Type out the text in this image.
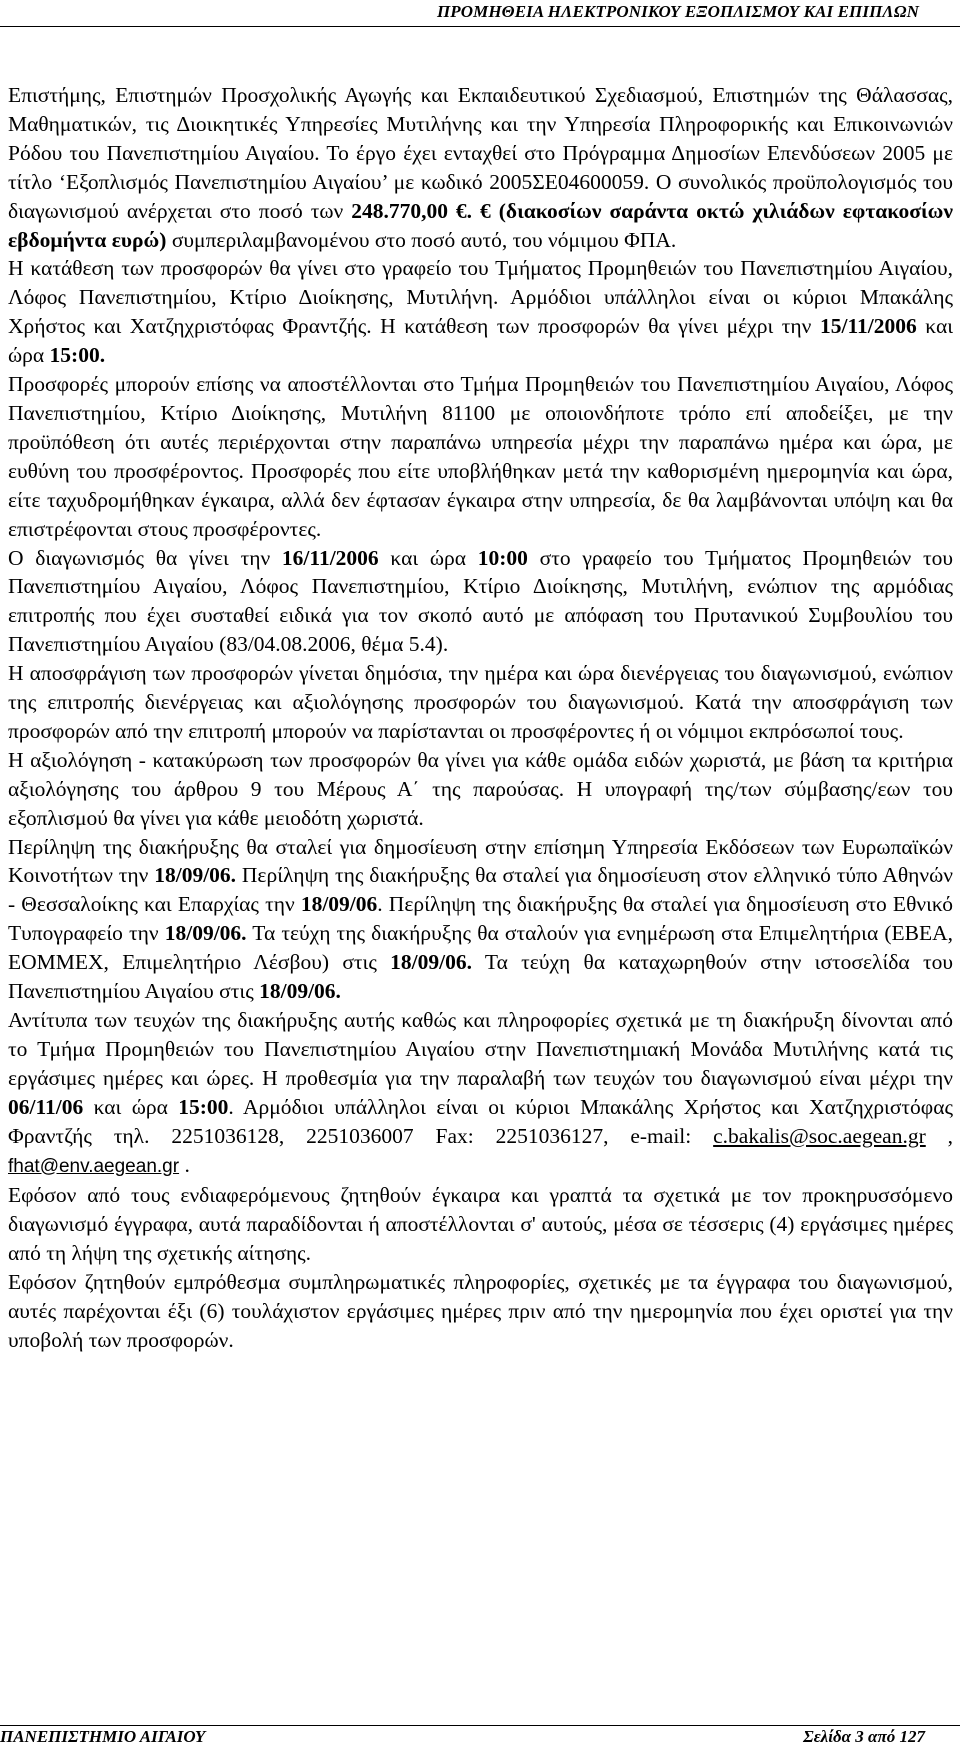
ΠΡΟΜΗΘΕΙΑ ΗΛΕΚΤΡΟΝΙΚΟΥ ΕΞΟΠΛΙΣΜΟΥ ΚΑΙ ΕΠΙΠΛΩΝ

Επιστήμης, Επιστημών Προσχολικής Αγωγής και Εκπαιδευτικού Σχεδιασμού, Επιστημών της Θάλασσας, Μαθηματικών, τις Διοικητικές Υπηρεσίες Μυτιλήνης και την Υπηρεσία Πληροφορικής και Επικοινωνιών Ρόδου του Πανεπιστημίου Αιγαίου. Το έργο έχει ενταχθεί στο Πρόγραμμα Δημοσίων Επενδύσεων 2005 με τίτλο ‘Εξοπλισμός Πανεπιστημίου Αιγαίου’ με κωδικό 2005ΣΕ04600059. Ο συνολικός προϋπολογισμός του διαγωνισμού ανέρχεται στο ποσό των 248.770,00 €. € (διακοσίων σαράντα οκτώ χιλιάδων εφτακοσίων εβδομήντα ευρώ) συμπεριλαμβανομένου στο ποσό αυτό, του νόμιμου ΦΠΑ.

Η κατάθεση των προσφορών θα γίνει στο γραφείο του Τμήματος Προμηθειών του Πανεπιστημίου Αιγαίου, Λόφος Πανεπιστημίου, Κτίριο Διοίκησης, Μυτιλήνη. Αρμόδιοι υπάλληλοι είναι οι κύριοι Μπακάλης Χρήστος και Χατζηχριστόφας Φραντζής. Η κατάθεση των προσφορών θα γίνει μέχρι την 15/11/2006 και ώρα 15:00.

Προσφορές μπορούν επίσης να αποστέλλονται στο Τμήμα Προμηθειών του Πανεπιστημίου Αιγαίου, Λόφος Πανεπιστημίου, Κτίριο Διοίκησης, Μυτιλήνη 81100 με οποιονδήποτε τρόπο επί αποδείξει, με την προϋπόθεση ότι αυτές περιέρχονται στην παραπάνω υπηρεσία μέχρι την παραπάνω ημέρα και ώρα, με ευθύνη του προσφέροντος. Προσφορές που είτε υποβλήθηκαν μετά την καθορισμένη ημερομηνία και ώρα, είτε ταχυδρομήθηκαν έγκαιρα, αλλά δεν έφτασαν έγκαιρα στην υπηρεσία, δε θα λαμβάνονται υπόψη και θα επιστρέφονται στους προσφέροντες.

Ο διαγωνισμός θα γίνει την 16/11/2006 και ώρα 10:00 στο γραφείο του Τμήματος Προμηθειών του Πανεπιστημίου Αιγαίου, Λόφος Πανεπιστημίου, Κτίριο Διοίκησης, Μυτιλήνη, ενώπιον της αρμόδιας επιτροπής που έχει συσταθεί ειδικά για τον σκοπό αυτό με απόφαση του Πρυτανικού Συμβουλίου του Πανεπιστημίου Αιγαίου (83/04.08.2006, θέμα 5.4).

Η αποσφράγιση των προσφορών γίνεται δημόσια, την ημέρα και ώρα διενέργειας του διαγωνισμού, ενώπιον της επιτροπής διενέργειας και αξιολόγησης προσφορών του διαγωνισμού. Κατά την αποσφράγιση των προσφορών από την επιτροπή μπορούν να παρίστανται οι προσφέροντες ή οι νόμιμοι εκπρόσωποί τους.

Η αξιολόγηση - κατακύρωση των προσφορών θα γίνει για κάθε ομάδα ειδών χωριστά, με βάση τα κριτήρια αξιολόγησης του άρθρου 9 του Μέρους Α΄ της παρούσας. Η υπογραφή της/των σύμβασης/εων του εξοπλισμού θα γίνει για κάθε μειοδότη χωριστά.

Περίληψη της διακήρυξης θα σταλεί για δημοσίευση στην επίσημη Υπηρεσία Εκδόσεων των Ευρωπαϊκών Κοινοτήτων την 18/09/06. Περίληψη της διακήρυξης θα σταλεί για δημοσίευση στον ελληνικό τύπο Αθηνών - Θεσσαλοίκης και Επαρχίας την 18/09/06. Περίληψη της διακήρυξης θα σταλεί για δημοσίευση στο Εθνικό Τυπογραφείο την 18/09/06. Τα τεύχη της διακήρυξης θα σταλούν για ενημέρωση στα Επιμελητήρια (ΕΒΕΑ, ΕΟΜΜΕΧ, Επιμελητήριο Λέσβου) στις 18/09/06. Τα τεύχη θα καταχωρηθούν στην ιστοσελίδα του Πανεπιστημίου Αιγαίου στις 18/09/06.

Αντίτυπα των τευχών της διακήρυξης αυτής καθώς και πληροφορίες σχετικά με τη διακήρυξη δίνονται από το Τμήμα Προμηθειών του Πανεπιστημίου Αιγαίου στην Πανεπιστημιακή Μονάδα Μυτιλήνης κατά τις εργάσιμες ημέρες και ώρες. Η προθεσμία για την παραλαβή των τευχών του διαγωνισμού είναι μέχρι την 06/11/06 και ώρα 15:00. Αρμόδιοι υπάλληλοι είναι οι κύριοι Μπακάλης Χρήστος και Χατζηχριστόφας Φραντζής τηλ. 2251036128, 2251036007 Fax: 2251036127, e-mail: c.bakalis@soc.aegean.gr , fhat@env.aegean.gr .

Εφόσον από τους ενδιαφερόμενους ζητηθούν έγκαιρα και γραπτά τα σχετικά με τον προκηρυσσόμενο διαγωνισμό έγγραφα, αυτά παραδίδονται ή αποστέλλονται σ' αυτούς, μέσα σε τέσσερις (4) εργάσιμες ημέρες από τη λήψη της σχετικής αίτησης.

Εφόσον ζητηθούν εμπρόθεσμα συμπληρωματικές πληροφορίες, σχετικές με τα έγγραφα του διαγωνισμού, αυτές παρέχονται έξι (6) τουλάχιστον εργάσιμες ημέρες πριν από την ημερομηνία που έχει οριστεί για την υποβολή των προσφορών.

ΠΑΝΕΠΙΣΤΗΜΙΟ ΑΙΓΑΙΟΥ	Σελίδα 3 από 127
